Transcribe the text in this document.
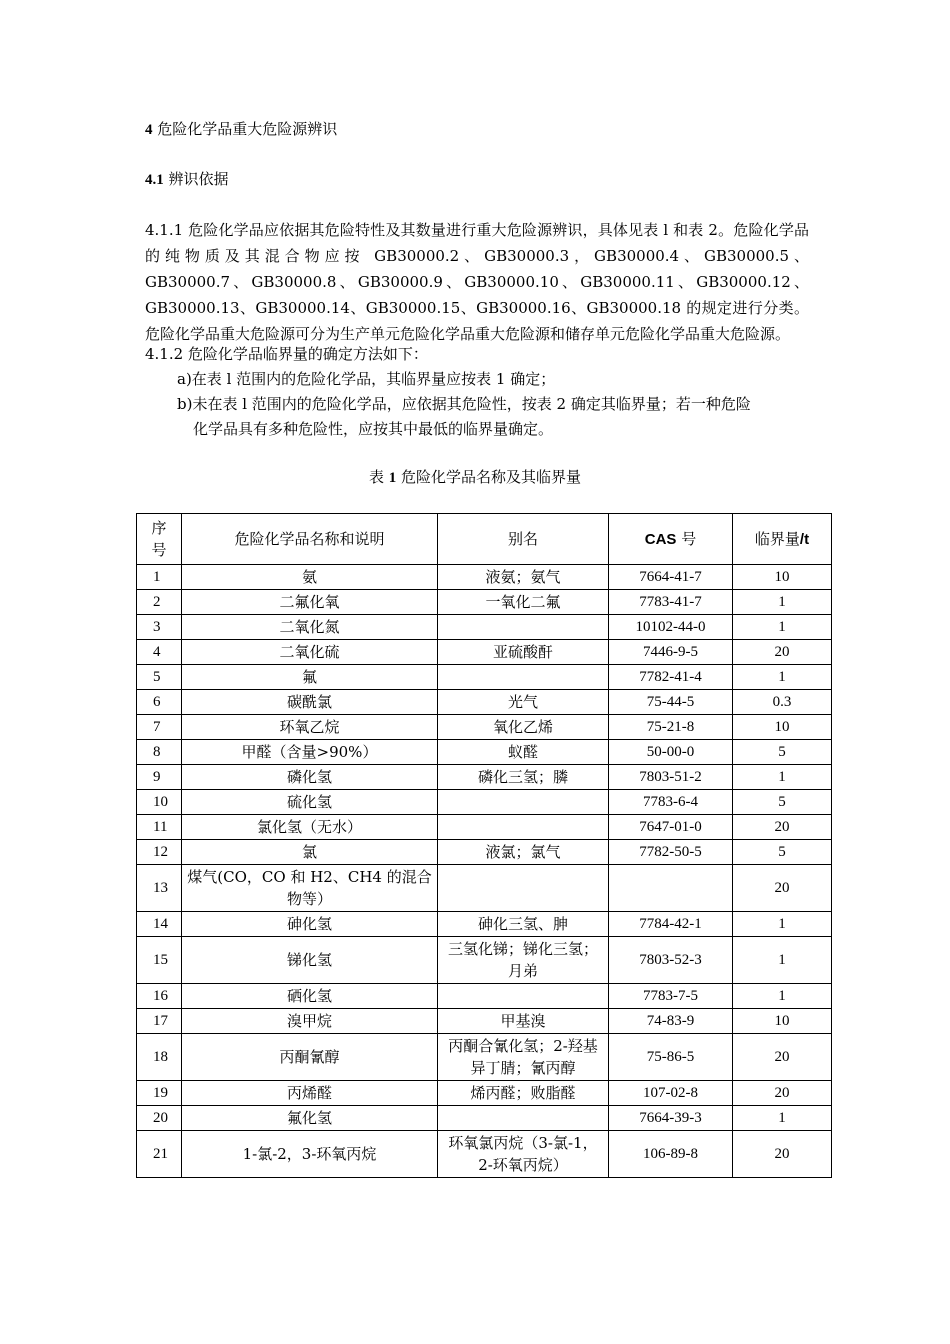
4 危险化学品重大危险源辨识
4.1 辨识依据
4.1.1 危险化学品应依据其危险特性及其数量进行重大危险源辨识，具体见表 l 和表 2。危险化学品的纯物质及其混合物应按 GB30000.2、GB30000.3，GB30000.4、GB30000.5、GB30000.7、GB30000.8、GB30000.9、GB30000.10、GB30000.11、GB30000.12、GB30000.13、GB30000.14、GB30000.15、GB30000.16、GB30000.18 的规定进行分类。危险化学品重大危险源可分为生产单元危险化学品重大危险源和储存单元危险化学品重大危险源。
4.1.2 危险化学品临界量的确定方法如下：
a)在表 l 范围内的危险化学品，其临界量应按表 1 确定；
b)未在表 l 范围内的危险化学品，应依据其危险性，按表 2 确定其临界量；若一种危险
化学品具有多种危险性，应按其中最低的临界量确定。
表 1 危险化学品名称及其临界量
序号	危险化学品名称和说明	别名	CAS 号	临界量/t
1	氨	液氨；氨气	7664-41-7	10
2	二氟化氧	一氧化二氟	7783-41-7	1
3	二氧化氮		10102-44-0	1
4	二氧化硫	亚硫酸酐	7446-9-5	20
5	氟		7782-41-4	1
6	碳酰氯	光气	75-44-5	0.3
7	环氧乙烷	氧化乙烯	75-21-8	10
8	甲醛（含量>90%）	蚁醛	50-00-0	5
9	磷化氢	磷化三氢；膦	7803-51-2	1
10	硫化氢		7783-6-4	5
11	氯化氢（无水）		7647-01-0	20
12	氯	液氯；氯气	7782-50-5	5
13	煤气(CO，CO 和 H2、CH4 的混合物等）			20
14	砷化氢	砷化三氢、胂	7784-42-1	1
15	锑化氢	三氢化锑；锑化三氢；月弟	7803-52-3	1
16	硒化氢		7783-7-5	1
17	溴甲烷	甲基溴	74-83-9	10
18	丙酮氰醇	丙酮合氰化氢；2-羟基异丁腈；氰丙醇	75-86-5	20
19	丙烯醛	烯丙醛；败脂醛	107-02-8	20
20	氟化氢		7664-39-3	1
21	1-氯-2，3-环氧丙烷	环氧氯丙烷（3-氯-1，2-环氧丙烷）	106-89-8	20
